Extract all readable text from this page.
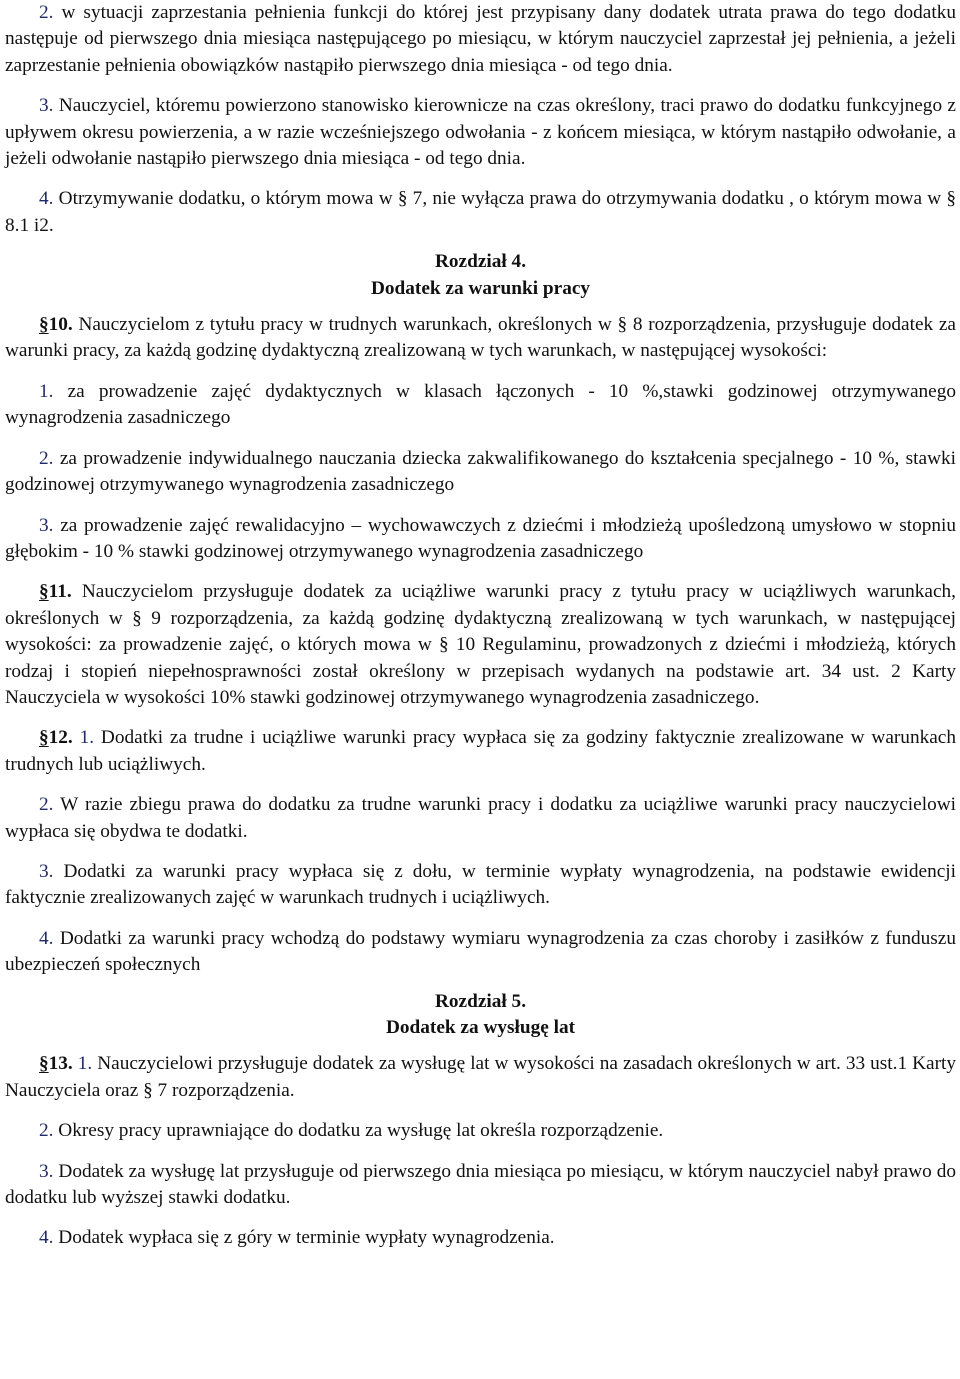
2. w sytuacji zaprzestania pełnienia funkcji do której jest przypisany dany dodatek utrata prawa do tego dodatku następuje od pierwszego dnia miesiąca następującego po miesiącu, w którym nauczyciel zaprzestał jej pełnienia, a jeżeli zaprzestanie pełnienia obowiązków nastąpiło pierwszego dnia miesiąca - od tego dnia.

3. Nauczyciel, któremu powierzono stanowisko kierownicze na czas określony, traci prawo do dodatku funkcyjnego z upływem okresu powierzenia, a w razie wcześniejszego odwołania - z końcem miesiąca, w którym nastąpiło odwołanie, a jeżeli odwołanie nastąpiło pierwszego dnia miesiąca - od tego dnia.

4. Otrzymywanie dodatku, o którym mowa w § 7, nie wyłącza prawa do otrzymywania dodatku , o którym mowa w § 8.1 i2.

Rozdział 4.

Dodatek za warunki pracy

§10. Nauczycielom z tytułu pracy w trudnych warunkach, określonych w § 8 rozporządzenia, przysługuje dodatek za warunki pracy, za każdą godzinę dydaktyczną zrealizowaną w tych warunkach, w następującej wysokości:

1. za prowadzenie zajęć dydaktycznych w klasach łączonych - 10 %,stawki godzinowej otrzymywanego wynagrodzenia zasadniczego

2. za prowadzenie indywidualnego nauczania dziecka zakwalifikowanego do kształcenia specjalnego - 10 %, stawki godzinowej otrzymywanego wynagrodzenia zasadniczego

3. za prowadzenie zajęć rewalidacyjno – wychowawczych z dziećmi i młodzieżą upośledzoną umysłowo w stopniu głębokim - 10 % stawki godzinowej otrzymywanego wynagrodzenia zasadniczego

§11. Nauczycielom przysługuje dodatek za uciążliwe warunki pracy z tytułu pracy w uciążliwych warunkach, określonych w § 9 rozporządzenia, za każdą godzinę dydaktyczną zrealizowaną w tych warunkach, w następującej wysokości: za prowadzenie zajęć, o których mowa w § 10 Regulaminu, prowadzonych z dziećmi i młodzieżą, których rodzaj i stopień niepełnosprawności został określony w przepisach wydanych na podstawie art. 34 ust. 2 Karty Nauczyciela w wysokości 10% stawki godzinowej otrzymywanego wynagrodzenia zasadniczego.

§12. 1. Dodatki za trudne i uciążliwe warunki pracy wypłaca się za godziny faktycznie zrealizowane w warunkach trudnych lub uciążliwych.

2. W razie zbiegu prawa do dodatku za trudne warunki pracy i dodatku za uciążliwe warunki pracy nauczycielowi wypłaca się obydwa te dodatki.

3. Dodatki za warunki pracy wypłaca się z dołu, w terminie wypłaty wynagrodzenia, na podstawie ewidencji faktycznie zrealizowanych zajęć w warunkach trudnych i uciążliwych.

4. Dodatki za warunki pracy wchodzą do podstawy wymiaru wynagrodzenia za czas choroby i zasiłków z funduszu ubezpieczeń społecznych

Rozdział 5.

Dodatek za wysługę lat

§13. 1. Nauczycielowi przysługuje dodatek za wysługę lat w wysokości na zasadach określonych w art. 33 ust.1 Karty Nauczyciela oraz § 7 rozporządzenia.

2. Okresy pracy uprawniające do dodatku za wysługę lat określa rozporządzenie.

3. Dodatek za wysługę lat przysługuje od pierwszego dnia miesiąca po miesiącu, w którym nauczyciel nabył prawo do dodatku lub wyższej stawki dodatku.

4. Dodatek wypłaca się z góry w terminie wypłaty wynagrodzenia.
